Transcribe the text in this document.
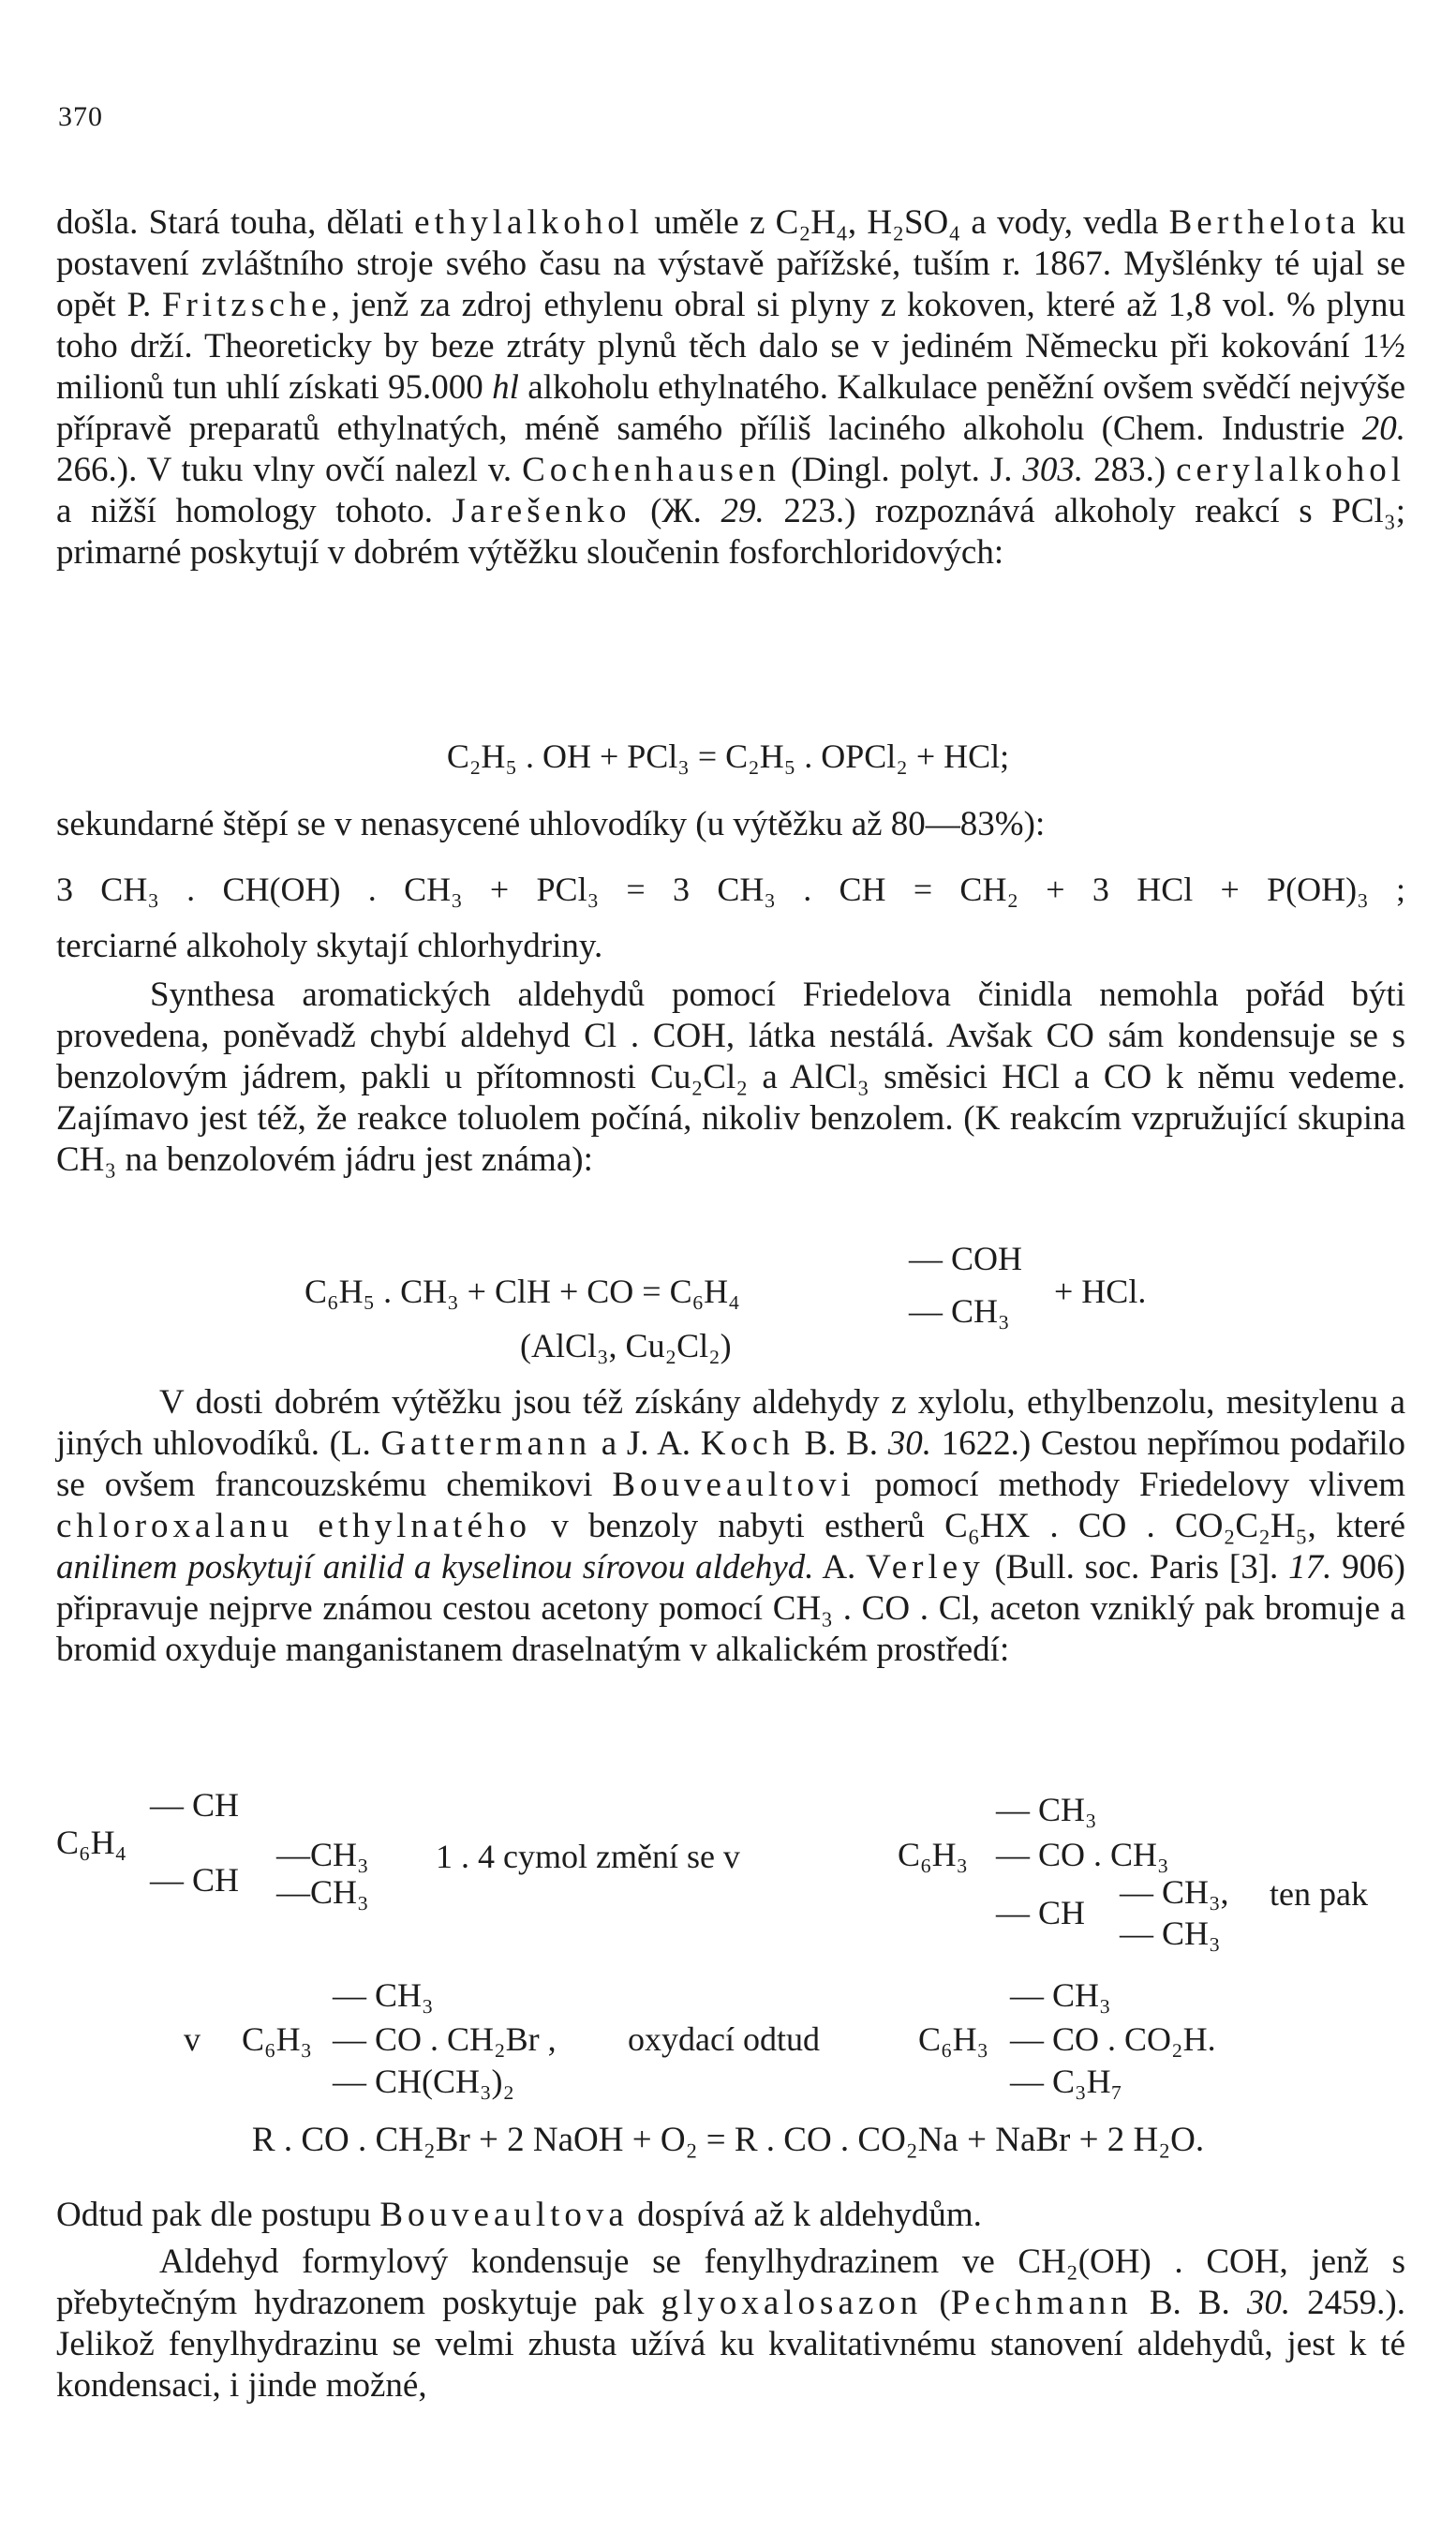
370
došla. Stará touha, dělati ethylalkohol uměle z C₂H₄, H₂SO₄ a vody, vedla Berthelota ku postavení zvláštního stroje svého času na výstavě pařížské, tuším r. 1867. Myšlénky té ujal se opět P. Fritzsche, jenž za zdroj ethylenu obral si plyny z kokoven, které až 1,8 vol. % plynu toho drží. Theoreticky by beze ztráty plynů těch dalo se v jediném Německu při kokování 1½ milionů tun uhlí získati 95.000 hl alkoholu ethylnatého. Kalkulace peněžní ovšem svědčí nejvýše přípravě preparatů ethylnatých, méně samého příliš laciného alkoholu (Chem. Industrie 20. 266.). V tuku vlny ovčí nalezl v. Cochenhausen (Dingl. polyt. J. 303. 283.) cerylalkohol a nižší homology tohoto. Jarešenko (Ж. 29. 223.) rozpoznává alkoholy reakcí s PCl₃; primarné poskytují v dobrém výtěžku sloučenin fosforchloridových:
C₂H₅ . OH + PCl₃ = C₂H₅ . OPCl₂ + HCl;
sekundarné štěpí se v nenasycené uhlovodíky (u výtěžku až 80—83%):
3 CH₃ . CH(OH) . CH₃ + PCl₃ = 3 CH₃ . CH = CH₂ + 3 HCl + P(OH)₃ ;
terciarné alkoholy skytají chlorhydriny.
Synthesa aromatických aldehydů pomocí Friedelova činidla nemohla pořád býti provedena, poněvadž chybí aldehyd Cl . COH, látka nestálá. Avšak CO sám kondensuje se s benzolovým jádrem, pakli u přítomnosti Cu₂Cl₂ a AlCl₃ směsici HCl a CO k němu vedeme. Zajímavo jest též, že reakce toluolem počíná, nikoliv benzolem. (K reakcím vzpružující skupina CH₃ na benzolovém jádru jest známa):
C₆H₅ . CH₃ + ClH + CO = C₆H₄
— COH
— CH₃
+ HCl.
(AlCl₃, Cu₂Cl₂)
V dosti dobrém výtěžku jsou též získány aldehydy z xylolu, ethylbenzolu, mesitylenu a jiných uhlovodíků. (L. Gattermann a J. A. Koch B. B. 30. 1622.) Cestou nepřímou podařilo se ovšem francouzskému chemikovi Bouveaultovi pomocí methody Friedelovy vlivem chloroxalanu ethylnatého v benzoly nabyti estherů C₆HX . CO . CO₂C₂H₅, které anilinem poskytují anilid a kyselinou sírovou aldehyd. A. Verley (Bull. soc. Paris [3]. 17. 906) připravuje nejprve známou cestou acetony pomocí CH₃ . CO . Cl, aceton vzniklý pak bromuje a bromid oxyduje manganistanem draselnatým v alkalickém prostředí:
— CH
C₆H₄
— CH
—CH₃
—CH₃
1 . 4 cymol změní se v	C₆H₃
— CH₃
— CO . CH₃
— CH
— CH₃,
— CH₃
ten pak
v C₆H₃
— CH₃
— CO . CH₂Br ,
— CH(CH₃)₂
oxydací odtud	C₆H₃
— CH₃
— CO . CO₂H.
— C₃H₇
R . CO . CH₂Br + 2 NaOH + O₂ = R . CO . CO₂Na + NaBr + 2 H₂O.
Odtud pak dle postupu Bouveaultova dospívá až k aldehydům.
Aldehyd formylový kondensuje se fenylhydrazinem ve CH₂(OH) . COH, jenž s přebytečným hydrazonem poskytuje pak glyoxalosazon (Pechmann B. B. 30. 2459.). Jelikož fenylhydrazinu se velmi zhusta užívá ku kvalitativnému stanovení aldehydů, jest k té kondensaci, i jinde možné,
